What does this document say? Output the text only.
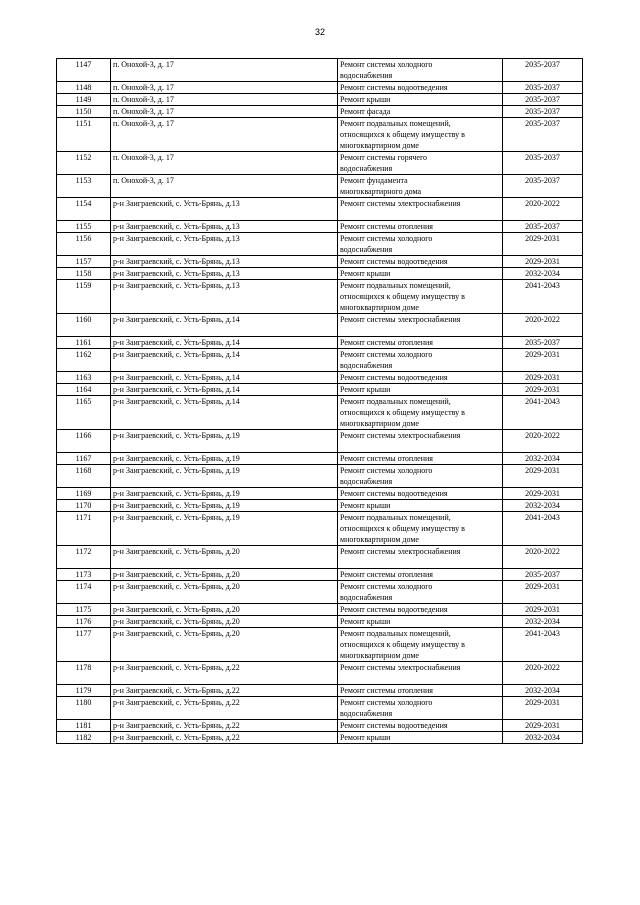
32
1147	п. Онохой-3, д. 17	Ремонт системы холодного
водоснабжения	2035-2037
1148	п. Онохой-3, д. 17	Ремонт системы водоотведения	2035-2037
1149	п. Онохой-3, д. 17	Ремонт крыши	2035-2037
1150	п. Онохой-3, д. 17	Ремонт фасада	2035-2037
1151	п. Онохой-3, д. 17	Ремонт подвальных помещений,
относящихся к общему имуществу в
многоквартирном доме	2035-2037
1152	п. Онохой-3, д. 17	Ремонт системы горячего
водоснабжения	2035-2037
1153	п. Онохой-3, д. 17	Ремонт фундамента
многоквартирного дома	2035-2037
1154	р-н Заиграевский, с. Усть-Брянь, д.13	Ремонт системы электроснабжения	2020-2022
1155	р-н Заиграевский, с. Усть-Брянь, д.13	Ремонт системы отопления	2035-2037
1156	р-н Заиграевский, с. Усть-Брянь, д.13	Ремонт системы холодного
водоснабжения	2029-2031
1157	р-н Заиграевский, с. Усть-Брянь, д.13	Ремонт системы водоотведения	2029-2031
1158	р-н Заиграевский, с. Усть-Брянь, д.13	Ремонт крыши	2032-2034
1159	р-н Заиграевский, с. Усть-Брянь, д.13	Ремонт подвальных помещений,
относящихся к общему имуществу в
многоквартирном доме	2041-2043
1160	р-н Заиграевский, с. Усть-Брянь, д.14	Ремонт системы электроснабжения	2020-2022
1161	р-н Заиграевский, с. Усть-Брянь, д.14	Ремонт системы отопления	2035-2037
1162	р-н Заиграевский, с. Усть-Брянь, д.14	Ремонт системы холодного
водоснабжения	2029-2031
1163	р-н Заиграевский, с. Усть-Брянь, д.14	Ремонт системы водоотведения	2029-2031
1164	р-н Заиграевский, с. Усть-Брянь, д.14	Ремонт крыши	2029-2031
1165	р-н Заиграевский, с. Усть-Брянь, д.14	Ремонт подвальных помещений,
относящихся к общему имуществу в
многоквартирном доме	2041-2043
1166	р-н Заиграевский, с. Усть-Брянь, д.19	Ремонт системы электроснабжения	2020-2022
1167	р-н Заиграевский, с. Усть-Брянь, д.19	Ремонт системы отопления	2032-2034
1168	р-н Заиграевский, с. Усть-Брянь, д.19	Ремонт системы холодного
водоснабжения	2029-2031
1169	р-н Заиграевский, с. Усть-Брянь, д.19	Ремонт системы водоотведения	2029-2031
1170	р-н Заиграевский, с. Усть-Брянь, д.19	Ремонт крыши	2032-2034
1171	р-н Заиграевский, с. Усть-Брянь, д.19	Ремонт подвальных помещений,
относящихся к общему имуществу в
многоквартирном доме	2041-2043
1172	р-н Заиграевский, с. Усть-Брянь, д.20	Ремонт системы электроснабжения	2020-2022
1173	р-н Заиграевский, с. Усть-Брянь, д.20	Ремонт системы отопления	2035-2037
1174	р-н Заиграевский, с. Усть-Брянь, д.20	Ремонт системы холодного
водоснабжения	2029-2031
1175	р-н Заиграевский, с. Усть-Брянь, д.20	Ремонт системы водоотведения	2029-2031
1176	р-н Заиграевский, с. Усть-Брянь, д.20	Ремонт крыши	2032-2034
1177	р-н Заиграевский, с. Усть-Брянь, д.20	Ремонт подвальных помещений,
относящихся к общему имуществу в
многоквартирном доме	2041-2043
1178	р-н Заиграевский, с. Усть-Брянь, д.22	Ремонт системы электроснабжения	2020-2022
1179	р-н Заиграевский, с. Усть-Брянь, д.22	Ремонт системы отопления	2032-2034
1180	р-н Заиграевский, с. Усть-Брянь, д.22	Ремонт системы холодного
водоснабжения	2029-2031
1181	р-н Заиграевский, с. Усть-Брянь, д.22	Ремонт системы водоотведения	2029-2031
1182	р-н Заиграевский, с. Усть-Брянь, д.22	Ремонт крыши	2032-2034
